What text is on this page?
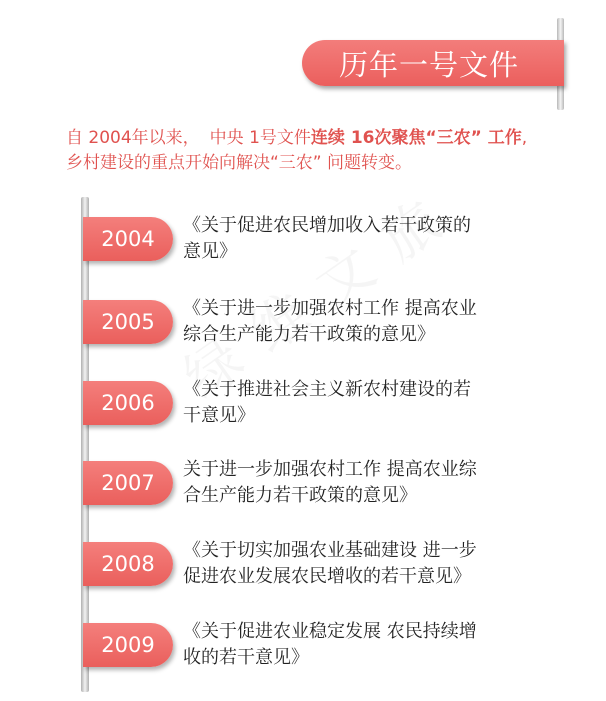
历年一号文件
自 2004年以来， 中央 1号文件连续 16次聚焦“三农” 工作,
乡村建设的重点开始向解决“三农” 问题转变。
2004
《关于促进农民增加收入若干政策的
意见》
2005
《关于进一步加强农村工作 提高农业
综合生产能力若干政策的意见》
2006
《关于推进社会主义新农村建设的若
干意见》
2007
关于进一步加强农村工作 提高农业综
合生产能力若干政策的意见》
2008
《关于切实加强农业基础建设 进一步
促进农业发展农民增收的若干意见》
2009
《关于促进农业稳定发展 农民持续增
收的若干意见》
